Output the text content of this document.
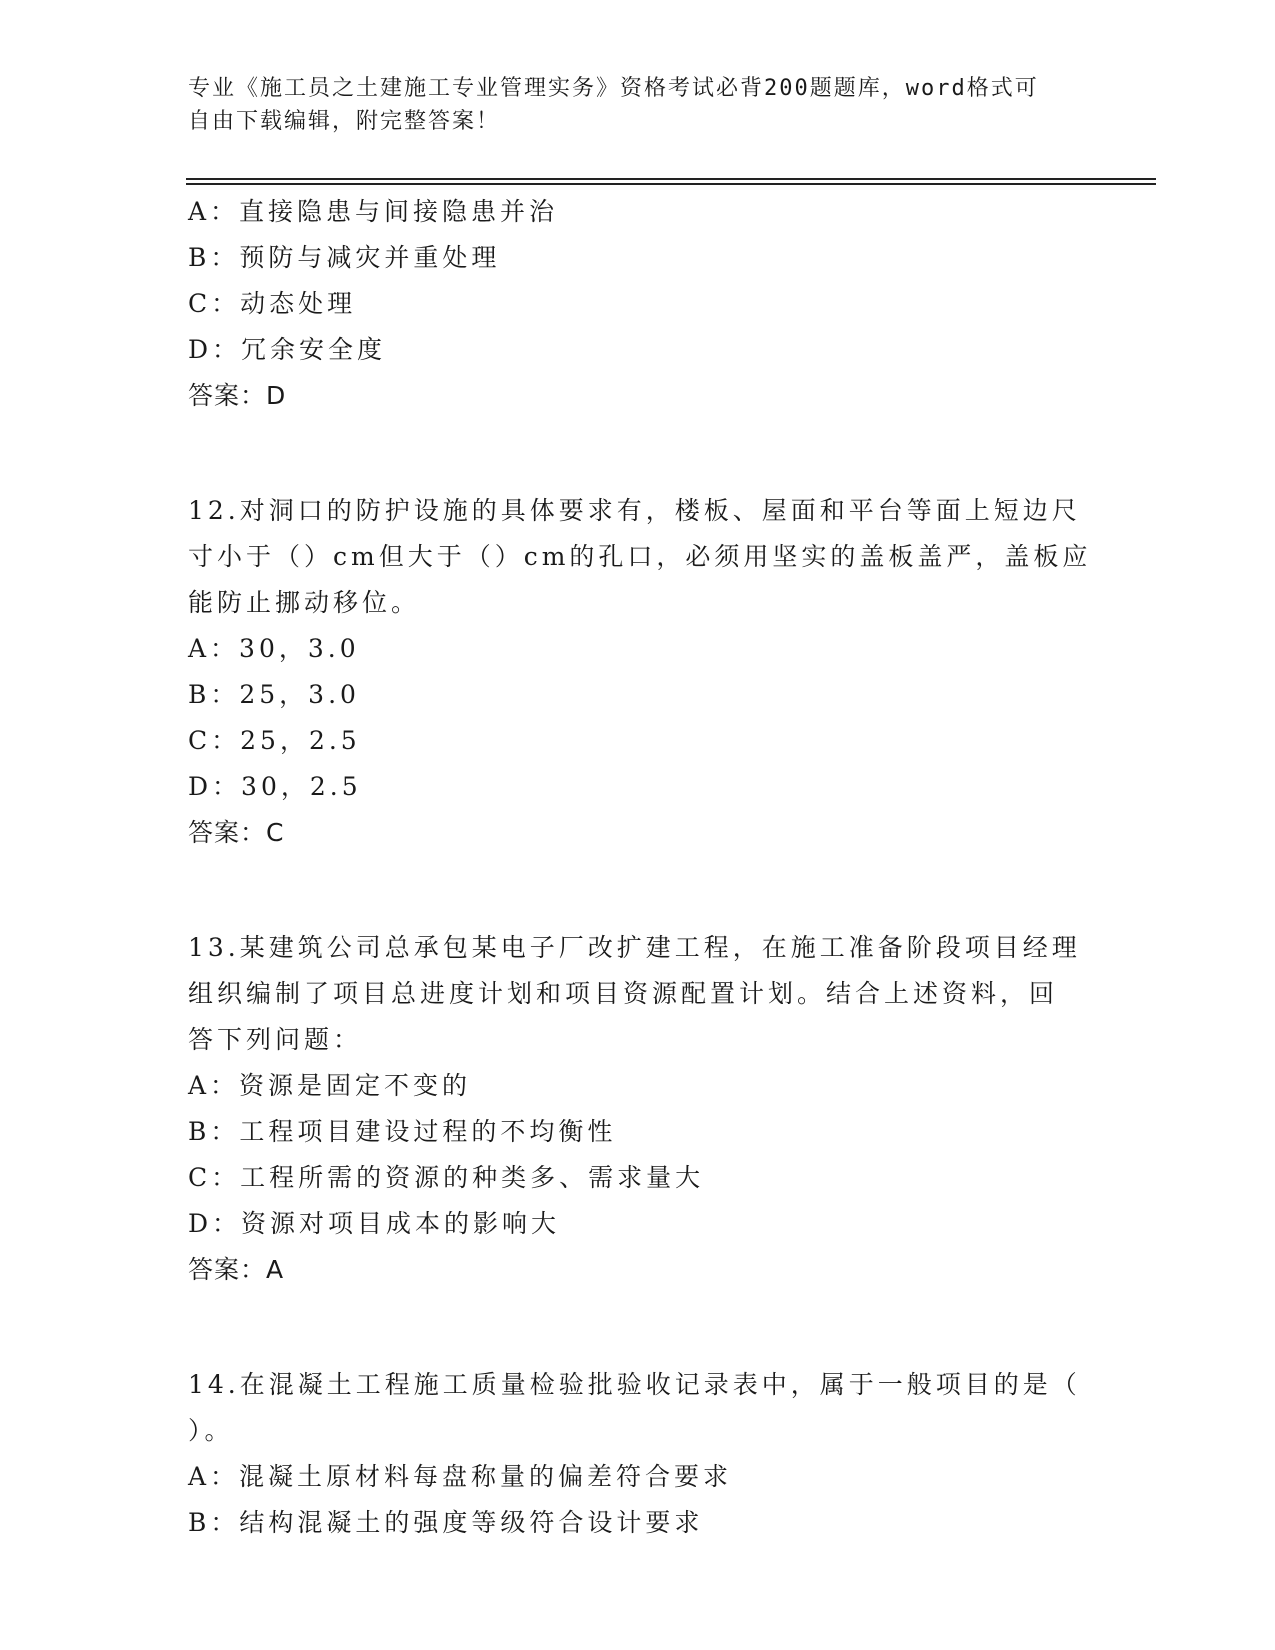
专业《施工员之土建施工专业管理实务》资格考试必背200题题库，word格式可
自由下载编辑，附完整答案！
A：直接隐患与间接隐患并治
B：预防与减灾并重处理
C：动态处理
D：冗余安全度
答案：D
12.对洞口的防护设施的具体要求有，楼板、屋面和平台等面上短边尺
寸小于（）cm但大于（）cm的孔口，必须用坚实的盖板盖严，盖板应
能防止挪动移位。
A：30，3.0
B：25，3.0
C：25，2.5
D：30，2.5
答案：C
13.某建筑公司总承包某电子厂改扩建工程，在施工准备阶段项目经理
组织编制了项目总进度计划和项目资源配置计划。结合上述资料，回
答下列问题：
A：资源是固定不变的
B：工程项目建设过程的不均衡性
C：工程所需的资源的种类多、需求量大
D：资源对项目成本的影响大
答案：A
14.在混凝土工程施工质量检验批验收记录表中，属于一般项目的是（
）。
A：混凝土原材料每盘称量的偏差符合要求
B：结构混凝土的强度等级符合设计要求
